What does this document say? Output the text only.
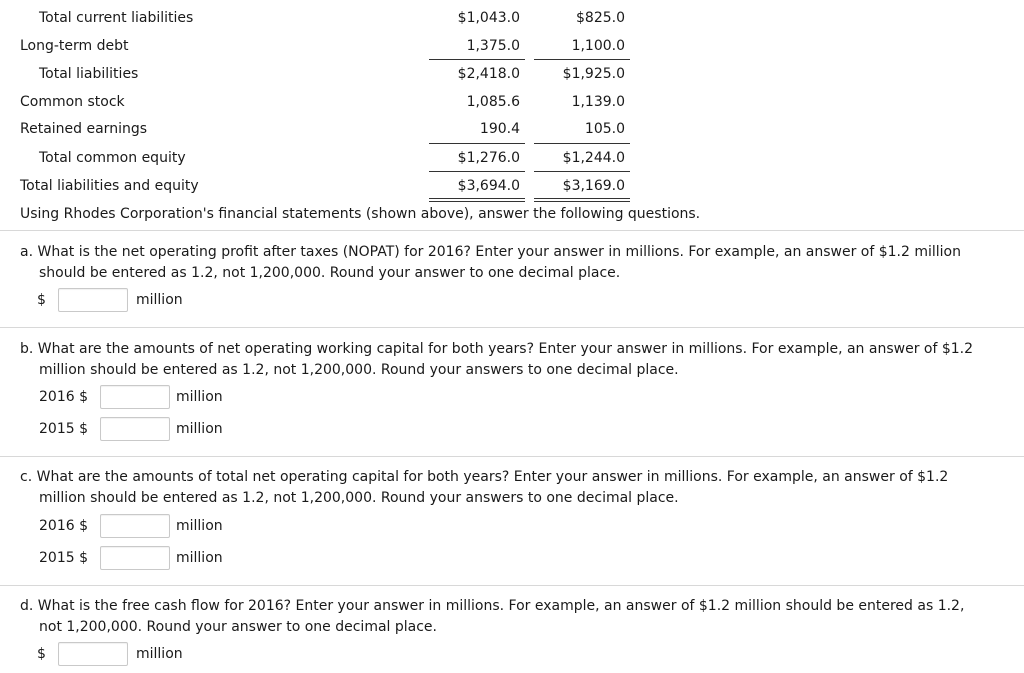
Total current liabilities	$1,043.0	$825.0
Long-term debt	1,375.0	1,100.0
Total liabilities	$2,418.0	$1,925.0
Common stock	1,085.6	1,139.0
Retained earnings	190.4	105.0
Total common equity	$1,276.0	$1,244.0
Total liabilities and equity	$3,694.0	$3,169.0
Using Rhodes Corporation's financial statements (shown above), answer the following questions.
a. What is the net operating profit after taxes (NOPAT) for 2016? Enter your answer in millions. For example, an answer of $1.2 million
should be entered as 1.2, not 1,200,000. Round your answer to one decimal place.
$	million
b. What are the amounts of net operating working capital for both years? Enter your answer in millions. For example, an answer of $1.2
million should be entered as 1.2, not 1,200,000. Round your answers to one decimal place.
2016 $	million
2015 $	million
c. What are the amounts of total net operating capital for both years? Enter your answer in millions. For example, an answer of $1.2
million should be entered as 1.2, not 1,200,000. Round your answers to one decimal place.
2016 $	million
2015 $	million
d. What is the free cash flow for 2016? Enter your answer in millions. For example, an answer of $1.2 million should be entered as 1.2,
not 1,200,000. Round your answer to one decimal place.
$	million
